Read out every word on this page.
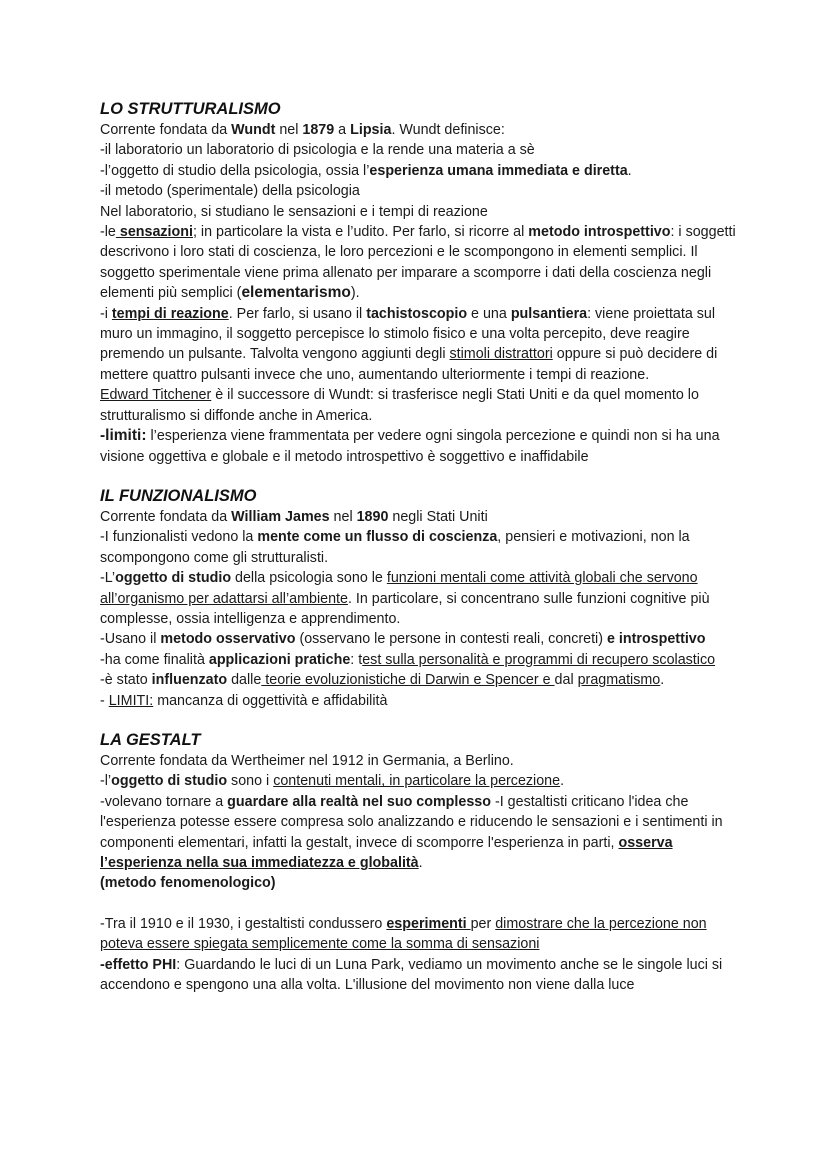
LO STRUTTURALISMO

Corrente fondata da Wundt nel 1879 a Lipsia. Wundt definisce:

-il laboratorio un laboratorio di psicologia e la rende una materia a sè

-l’oggetto di studio della psicologia, ossia l’esperienza umana immediata e diretta.

-il metodo (sperimentale) della psicologia

Nel laboratorio, si studiano le sensazioni e i tempi di reazione

-le sensazioni; in particolare la vista e l’udito. Per farlo, si ricorre al metodo introspettivo: i soggetti descrivono i loro stati di coscienza, le loro percezioni e le scompongono in elementi semplici. Il soggetto sperimentale viene prima allenato per imparare a scomporre i dati della coscienza negli elementi più semplici (elementarismo).

-i tempi di reazione. Per farlo, si usano il tachistoscopio e una pulsantiera: viene proiettata sul muro un immagino, il soggetto percepisce lo stimolo fisico e una volta percepito, deve reagire premendo un pulsante. Talvolta vengono aggiunti degli stimoli distrattori oppure si può decidere di mettere quattro pulsanti invece che uno, aumentando ulteriormente i tempi di reazione.

Edward Titchener è il successore di Wundt: si trasferisce negli Stati Uniti e da quel momento lo strutturalismo si diffonde anche in America.

-limiti: l’esperienza viene frammentata per vedere ogni singola percezione e quindi non si ha una visione oggettiva e globale e il metodo introspettivo è soggettivo e inaffidabile

IL FUNZIONALISMO

Corrente fondata da William James nel 1890 negli Stati Uniti

-I funzionalisti vedono la mente come un flusso di coscienza, pensieri e motivazioni, non la scompongono come gli strutturalisti.

-L’oggetto di studio della psicologia sono le funzioni mentali come attività globali che servono all’organismo per adattarsi all’ambiente. In particolare, si concentrano sulle funzioni cognitive più complesse, ossia intelligenza e apprendimento.

-Usano il metodo osservativo (osservano le persone in contesti reali, concreti) e introspettivo

-ha come finalità applicazioni pratiche: test sulla personalità e programmi di recupero scolastico

-è stato influenzato dalle teorie evoluzionistiche di Darwin e Spencer e dal pragmatismo.

- LIMITI: mancanza di oggettività e affidabilità

LA GESTALT

Corrente fondata da Wertheimer nel 1912 in Germania, a Berlino.

-l’oggetto di studio sono i contenuti mentali, in particolare la percezione.

-volevano tornare a guardare alla realtà nel suo complesso -I gestaltisti criticano l'idea che l'esperienza potesse essere compresa solo analizzando e riducendo le sensazioni e i sentimenti in componenti elementari, infatti la gestalt, invece di scomporre l'esperienza in parti, osserva l’esperienza nella sua immediatezza e globalità.

(metodo fenomenologico)

-Tra il 1910 e il 1930, i gestaltisti condussero esperimenti per dimostrare che la percezione non poteva essere spiegata semplicemente come la somma di sensazioni

-effetto PHI: Guardando le luci di un Luna Park, vediamo un movimento anche se le singole luci si accendono e spengono una alla volta. L'illusione del movimento non viene dalla luce
